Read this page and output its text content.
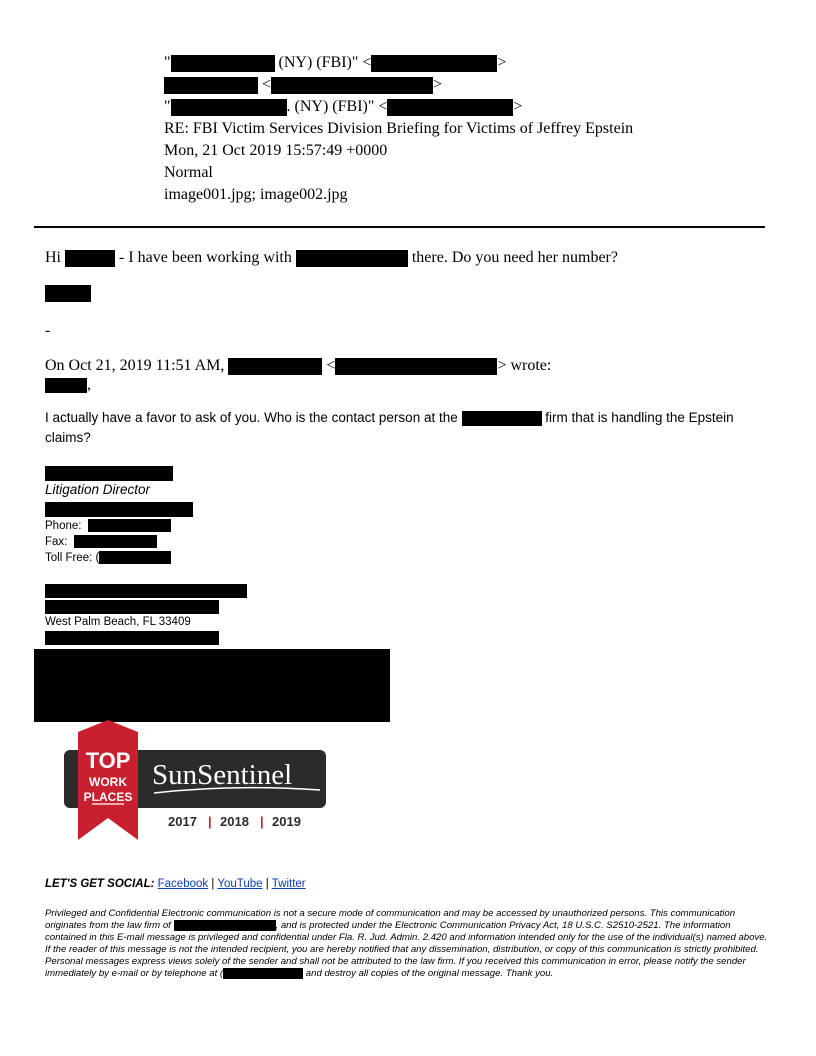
"	(NY) (FBI)" <	>
<	>
"	. (NY) (FBI)" <	>
RE: FBI Victim Services Division Briefing for Victims of Jeffrey Epstein
Mon, 21 Oct 2019 15:57:49 +0000
Normal
image001.jpg; image002.jpg
Hi	- I have been working with	there. Do you need her number?
-
On Oct 21, 2019 11:51 AM,	<	> wrote:
,
I actually have a favor to ask of you. Who is the contact person at the	firm that is handling the Epstein
claims?
Litigation Director
Phone:
Fax:
Toll Free: (
West Palm Beach, FL 33409
TOP
WORK
PLACES
SunSentinel
2017 | 2018 | 2019
LET'S GET SOCIAL: Facebook | YouTube | Twitter
Privileged and Confidential Electronic communication is not a secure mode of communication and may be accessed by unauthorized persons. This communication originates from the law firm of	, and is protected under the Electronic Communication Privacy Act, 18 U.S.C. S2510-2521. The information contained in this E-mail message is privileged and confidential under Fla. R. Jud. Admin. 2.420 and information intended only for the use of the individual(s) named above. If the reader of this message is not the intended recipient, you are hereby notified that any dissemination, distribution, or copy of this communication is strictly prohibited. Personal messages express views solely of the sender and shall not be attributed to the law firm. If you received this communication in error, please notify the sender immediately by e-mail or by telephone at (	and destroy all copies of the original message. Thank you.
